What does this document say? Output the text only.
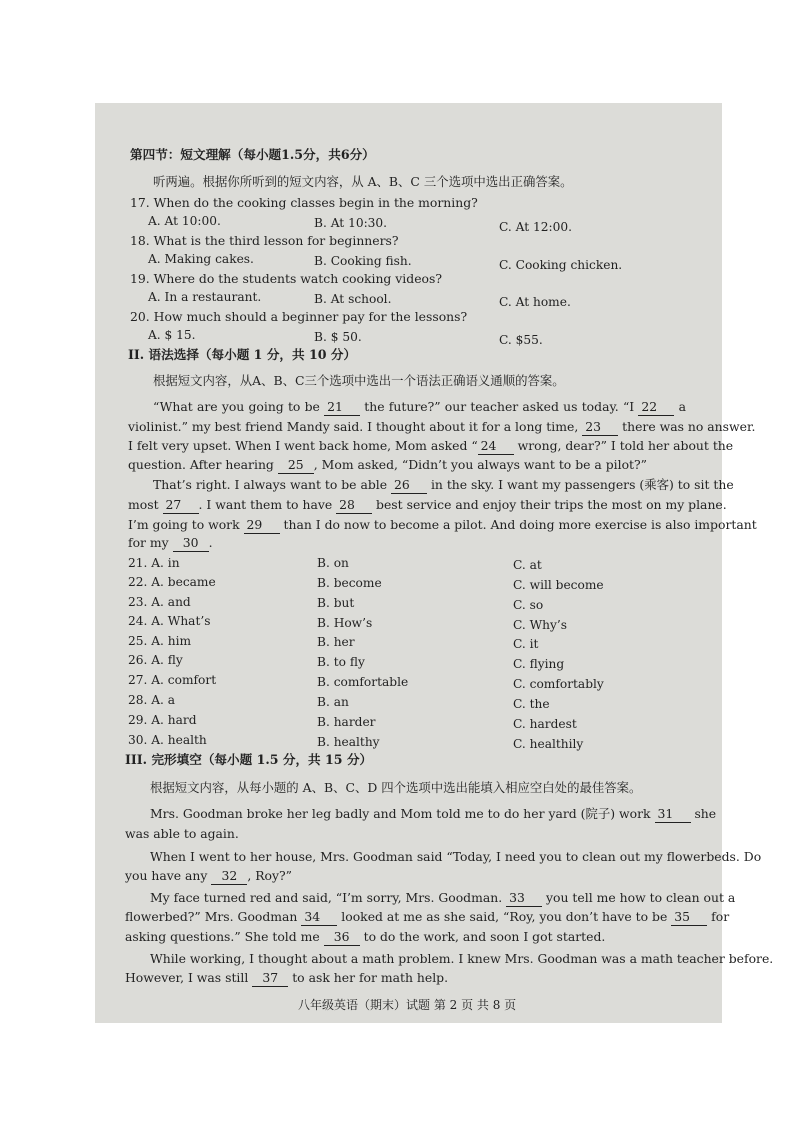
第四节：短文理解（每小题1.5分，共6分）
听两遍。根据你所听到的短文内容，从 A、B、C 三个选项中选出正确答案。
17. When do the cooking classes begin in the morning?
A. At 10:00.	B. At 10:30.	C. At 12:00.
18. What is the third lesson for beginners?
A. Making cakes.	B. Cooking fish.	C. Cooking chicken.
19. Where do the students watch cooking videos?
A. In a restaurant.	B. At school.	C. At home.
20. How much should a beginner pay for the lessons?
A. $ 15.	B. $ 50.	C. $55.
II. 语法选择（每小题 1 分，共 10 分）
根据短文内容，从A、B、C三个选项中选出一个语法正确语义通顺的答案。
“What are you going to be 21 the future?” our teacher asked us today. “I 22 a
violinist.” my best friend Mandy said. I thought about it for a long time, 23 there was no answer.
I felt very upset. When I went back home, Mom asked “ 24 wrong, dear?” I told her about the
question. After hearing 25 , Mom asked, “Didn’t you always want to be a pilot?”
That’s right. I always want to be able 26 in the sky. I want my passengers (乘客) to sit the
most 27 . I want them to have 28 best service and enjoy their trips the most on my plane.
I’m going to work 29 than I do now to become a pilot. And doing more exercise is also important
for my 30 .
21. A. in	B. on	C. at
22. A. became	B. become	C. will become
23. A. and	B. but	C. so
24. A. What’s	B. How’s	C. Why’s
25. A. him	B. her	C. it
26. A. fly	B. to fly	C. flying
27. A. comfort	B. comfortable	C. comfortably
28. A. a	B. an	C. the
29. A. hard	B. harder	C. hardest
30. A. health	B. healthy	C. healthily
III. 完形填空（每小题 1.5 分，共 15 分）
根据短文内容，从每小题的 A、B、C、D 四个选项中选出能填入相应空白处的最佳答案。
Mrs. Goodman broke her leg badly and Mom told me to do her yard (院子) work 31 she
was able to again.
When I went to her house, Mrs. Goodman said “Today, I need you to clean out my flowerbeds. Do
you have any 32 , Roy?”
My face turned red and said, “I’m sorry, Mrs. Goodman. 33 you tell me how to clean out a
flowerbed?” Mrs. Goodman 34 looked at me as she said, “Roy, you don’t have to be 35 for
asking questions.” She told me 36 to do the work, and soon I got started.
While working, I thought about a math problem. I knew Mrs. Goodman was a math teacher before.
However, I was still 37 to ask her for math help.
八年级英语（期末）试题 第 2 页 共 8 页
